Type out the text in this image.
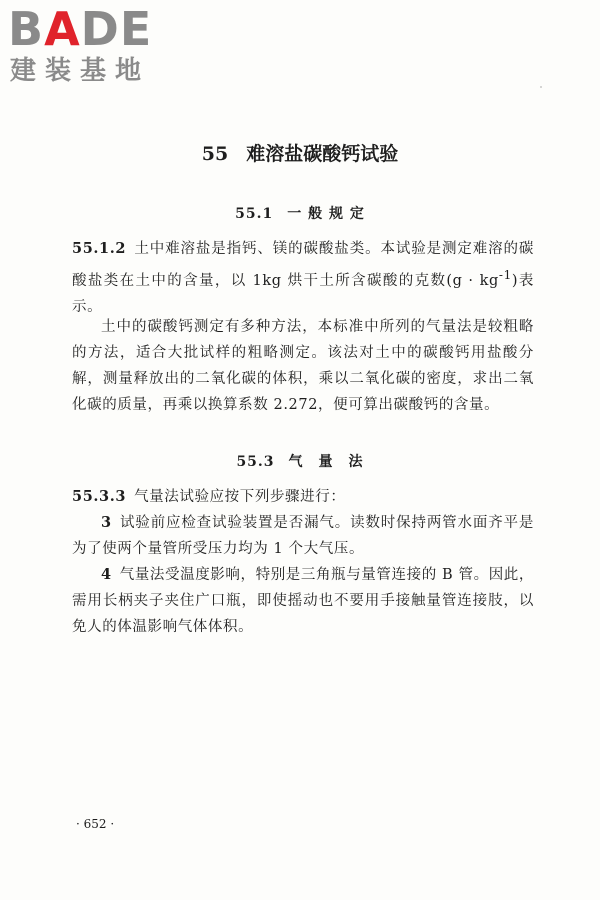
BADE

建装基地

55 难溶盐碳酸钙试验
55.1 一 般 规 定

55.1.2 土中难溶盐是指钙、镁的碳酸盐类。本试验是测定难溶的碳酸盐类在土中的含量，以 1kg 烘干土所含碳酸的克数$(g \cdot kg^{-1})$表示。

土中的碳酸钙测定有多种方法，本标准中所列的气量法是较粗略的方法，适合大批试样的粗略测定。该法对土中的碳酸钙用盐酸分解，测量释放出的二氧化碳的体积，乘以二氧化碳的密度，求出二氧化碳的质量，再乘以换算系数 2.272，便可算出碳酸钙的含量。

55.3 气　量　法

55.3.3 气量法试验应按下列步骤进行：

3 试验前应检查试验装置是否漏气。读数时保持两管水面齐平是为了使两个量管所受压力均为 1 个大气压。

4 气量法受温度影响，特别是三角瓶与量管连接的 B 管。因此，需用长柄夹子夹住广口瓶，即使摇动也不要用手接触量管连接肢，以免人的体温影响气体体积。

· 652 ·
